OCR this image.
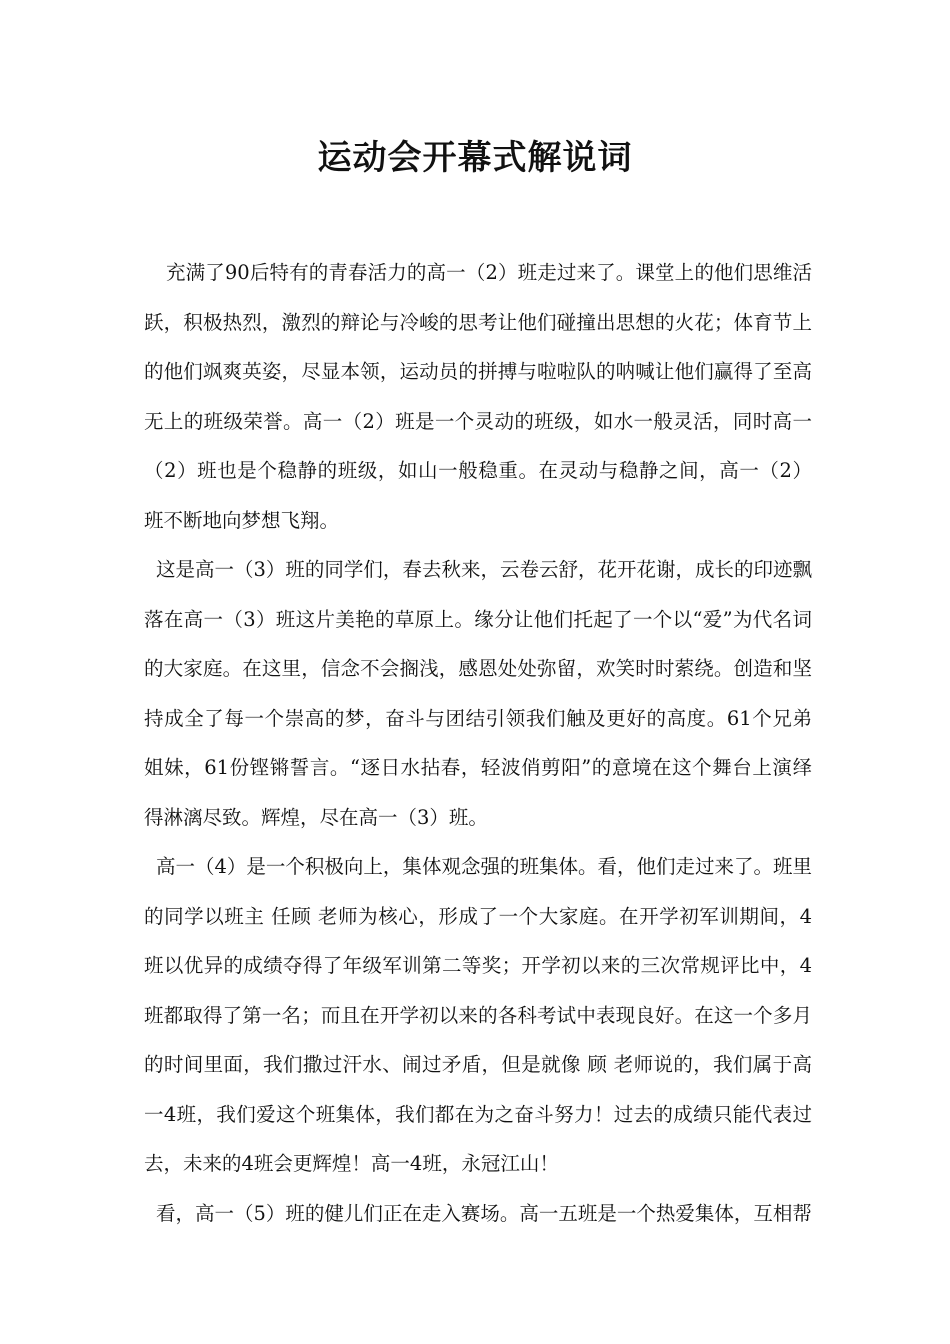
运动会开幕式解说词

充满了90后特有的青春活力的高一（2）班走过来了。课堂上的他们思维活跃，积极热烈，激烈的辩论与冷峻的思考让他们碰撞出思想的火花；体育节上的他们飒爽英姿，尽显本领，运动员的拼搏与啦啦队的呐喊让他们赢得了至高无上的班级荣誉。高一（2）班是一个灵动的班级，如水一般灵活，同时高一（2）班也是个稳静的班级，如山一般稳重。在灵动与稳静之间，高一（2）班不断地向梦想飞翔。

这是高一（3）班的同学们，春去秋来，云卷云舒，花开花谢，成长的印迹飘落在高一（3）班这片美艳的草原上。缘分让他们托起了一个以“爱”为代名词的大家庭。在这里，信念不会搁浅，感恩处处弥留，欢笑时时萦绕。创造和坚持成全了每一个崇高的梦，奋斗与团结引领我们触及更好的高度。61个兄弟姐妹，61份铿锵誓言。“逐日水拈春，轻波俏剪阳”的意境在这个舞台上演绎得淋漓尽致。辉煌，尽在高一（3）班。

高一（4）是一个积极向上，集体观念强的班集体。看，他们走过来了。班里的同学以班主 任顾 老师为核心，形成了一个大家庭。在开学初军训期间，4班以优异的成绩夺得了年级军训第二等奖；开学初以来的三次常规评比中，4班都取得了第一名；而且在开学初以来的各科考试中表现良好。在这一个多月的时间里面，我们撒过汗水、闹过矛盾，但是就像 顾 老师说的，我们属于高一4班，我们爱这个班集体，我们都在为之奋斗努力！过去的成绩只能代表过去，未来的4班会更辉煌！高一4班，永冠江山！

看，高一（5）班的健儿们正在走入赛场。高一五班是一个热爱集体，互相帮
